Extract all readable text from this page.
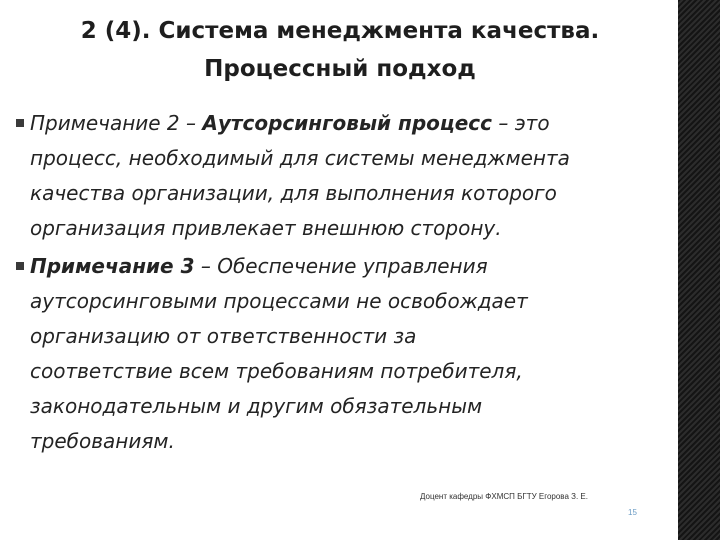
2 (4). Система менеджмента качества.
Процессный подход
Примечание 2 – Аутсорсинговый процесс – это
процесс, необходимый для системы менеджмента
качества организации, для выполнения которого
организация привлекает внешнюю сторону.
Примечание 3 – Обеспечение управления
аутсорсинговыми процессами не освобождает
организацию от ответственности за
соответствие всем требованиям потребителя,
законодательным и другим обязательным
требованиям.
Доцент кафедры ФХМСП БГТУ Егорова З. Е.
15
